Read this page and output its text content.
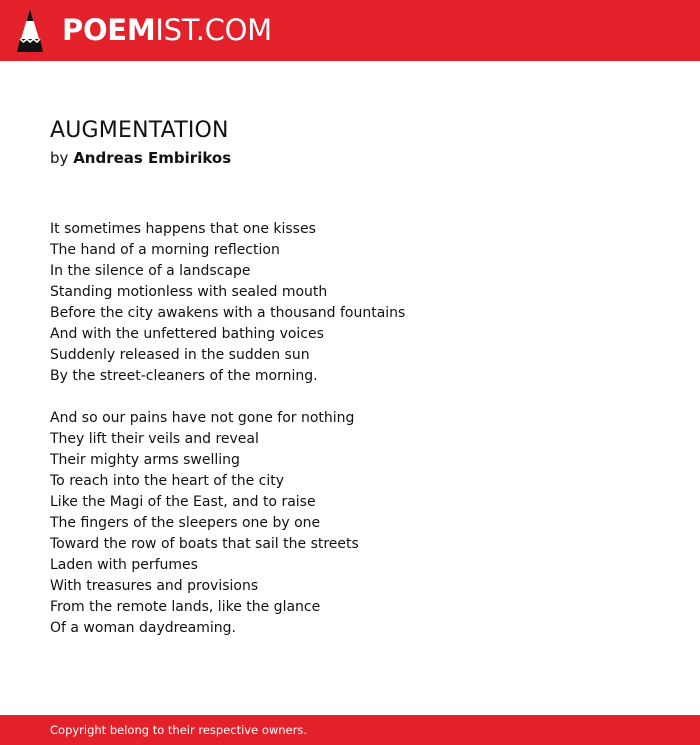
POEMIST.COM
AUGMENTATION

by Andreas Embirikos

It sometimes happens that one kisses
The hand of a morning reflection
In the silence of a landscape
Standing motionless with sealed mouth
Before the city awakens with a thousand fountains
And with the unfettered bathing voices
Suddenly released in the sudden sun
By the street-cleaners of the morning.
And so our pains have not gone for nothing
They lift their veils and reveal
Their mighty arms swelling
To reach into the heart of the city
Like the Magi of the East, and to raise
The fingers of the sleepers one by one
Toward the row of boats that sail the streets
Laden with perfumes
With treasures and provisions
From the remote lands, like the glance
Of a woman daydreaming.
Copyright belong to their respective owners.
